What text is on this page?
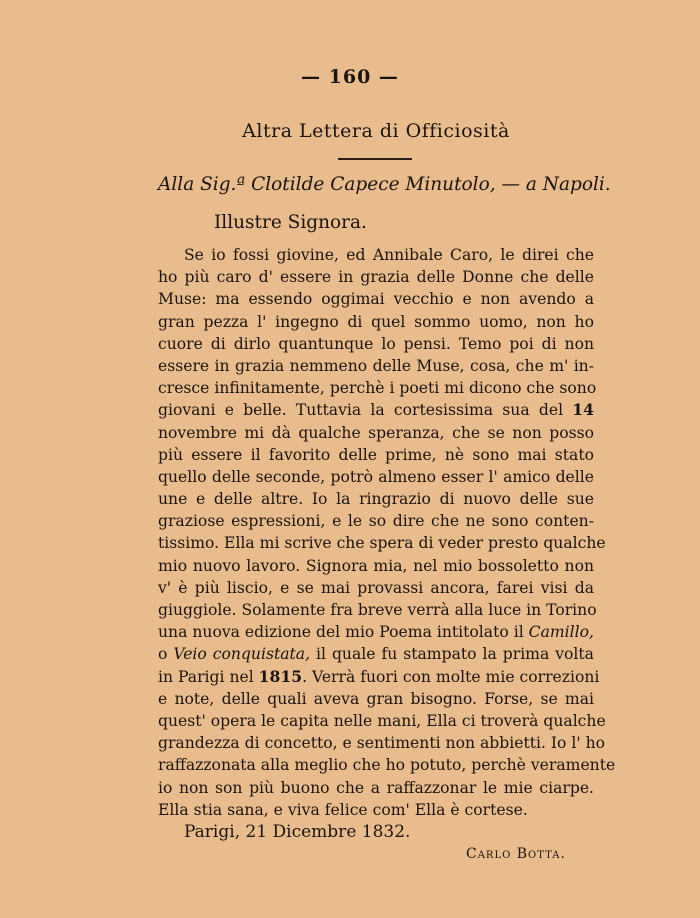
— 160 —
Altra Lettera di Officiosità
Alla Sig.ª Clotilde Capece Minutolo, — a Napoli.
Illustre Signora.
Se io fossi giovine, ed Annibale Caro, le direi che
ho più caro d' essere in grazia delle Donne che delle
Muse: ma essendo oggimai vecchio e non avendo a
gran pezza l' ingegno di quel sommo uomo, non ho
cuore di dirlo quantunque lo pensi. Temo poi di non
essere in grazia nemmeno delle Muse, cosa, che m' in-
cresce infinitamente, perchè i poeti mi dicono che sono
giovani e belle. Tuttavia la cortesissima sua del 14
novembre mi dà qualche speranza, che se non posso
più essere il favorito delle prime, nè sono mai stato
quello delle seconde, potrò almeno esser l' amico delle
une e delle altre. Io la ringrazio di nuovo delle sue
graziose espressioni, e le so dire che ne sono conten-
tissimo. Ella mi scrive che spera di veder presto qualche
mio nuovo lavoro. Signora mia, nel mio bossoletto non
v' è più liscio, e se mai provassi ancora, farei visi da
giuggiole. Solamente fra breve verrà alla luce in Torino
una nuova edizione del mio Poema intitolato il Camillo,
o Veio conquistata, il quale fu stampato la prima volta
in Parigi nel 1815. Verrà fuori con molte mie correzioni
e note, delle quali aveva gran bisogno. Forse, se mai
quest' opera le capita nelle mani, Ella ci troverà qualche
grandezza di concetto, e sentimenti non abbietti. Io l' ho
raffazzonata alla meglio che ho potuto, perchè veramente
io non son più buono che a raffazzonar le mie ciarpe.
Ella stia sana, e viva felice com' Ella è cortese.
Parigi, 21 Dicembre 1832.
Carlo Botta.
